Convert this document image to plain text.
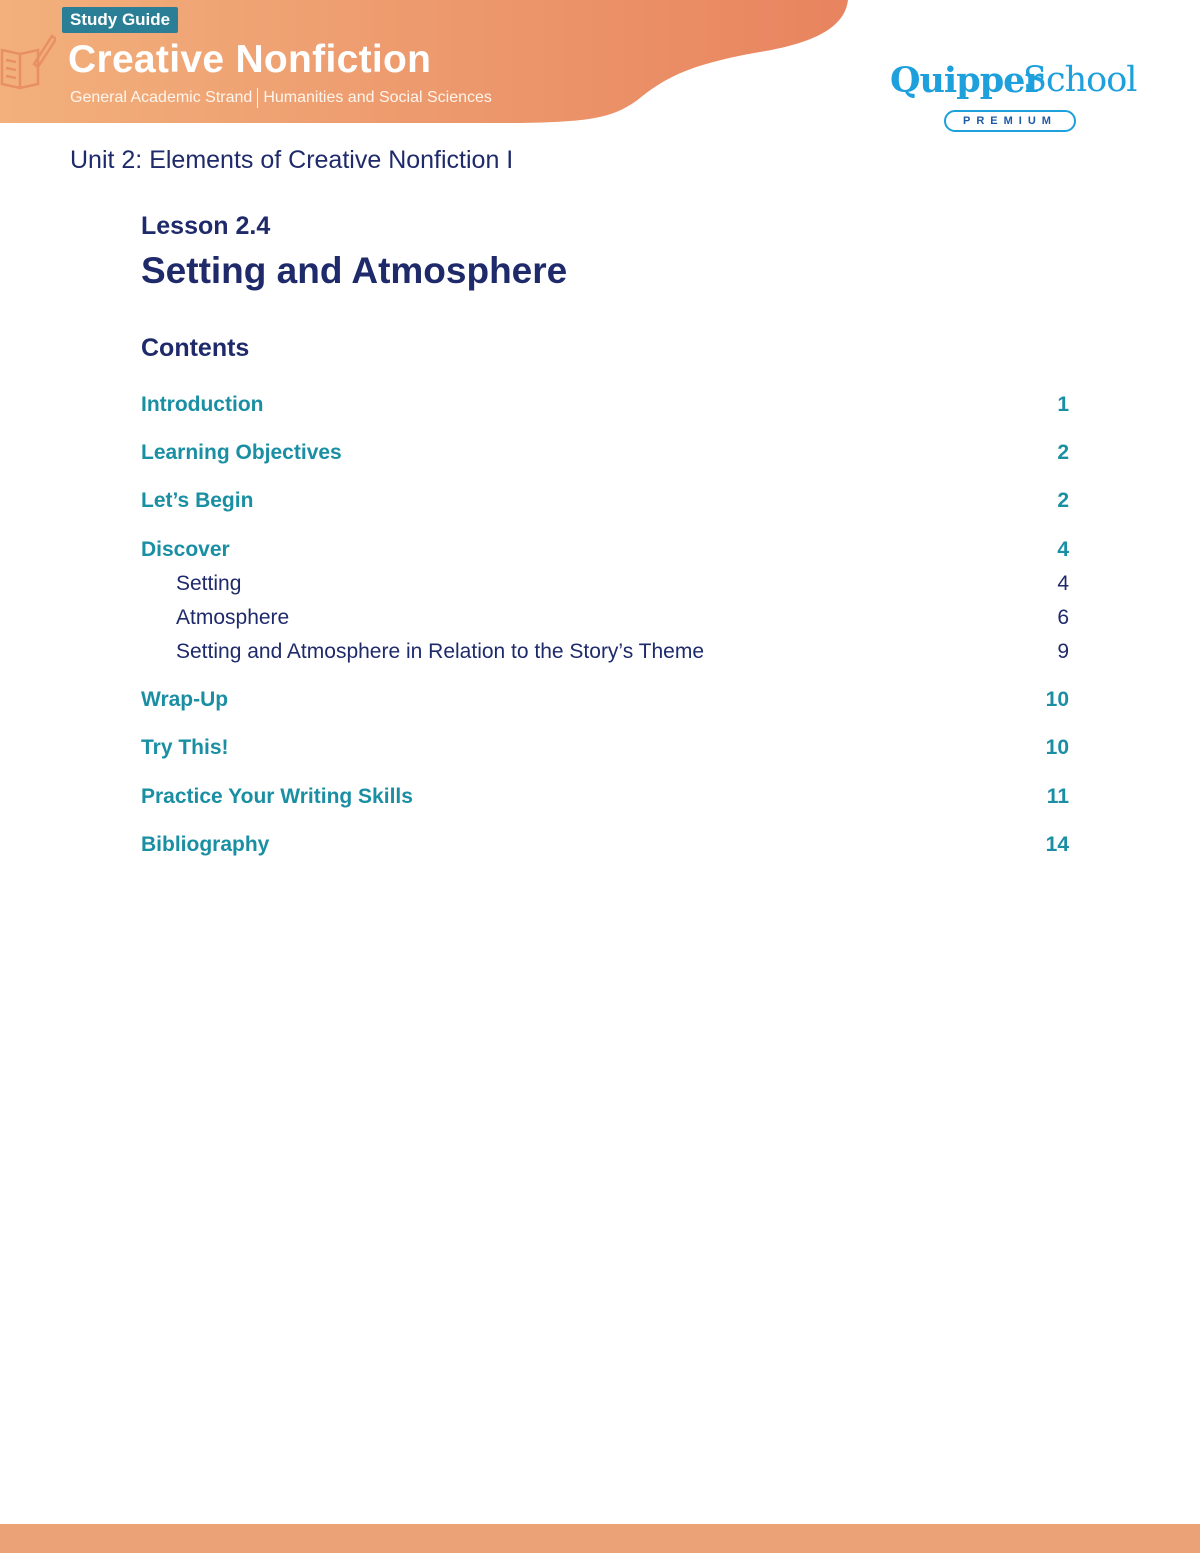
Study Guide
Creative Nonfiction
General Academic Strand Humanities and Social Sciences	Quipper
School
PREMIUM
Unit 2: Elements of Creative Nonfiction I
Lesson 2.4
Setting and Atmosphere
Contents
Introduction	1
Learning Objectives	2
Let’s Begin	2
Discover	4
Setting	4
Atmosphere	6
Setting and Atmosphere in Relation to the Story’s Theme	9
Wrap-Up	10
Try This!	10
Practice Your Writing Skills	11
Bibliography	14
